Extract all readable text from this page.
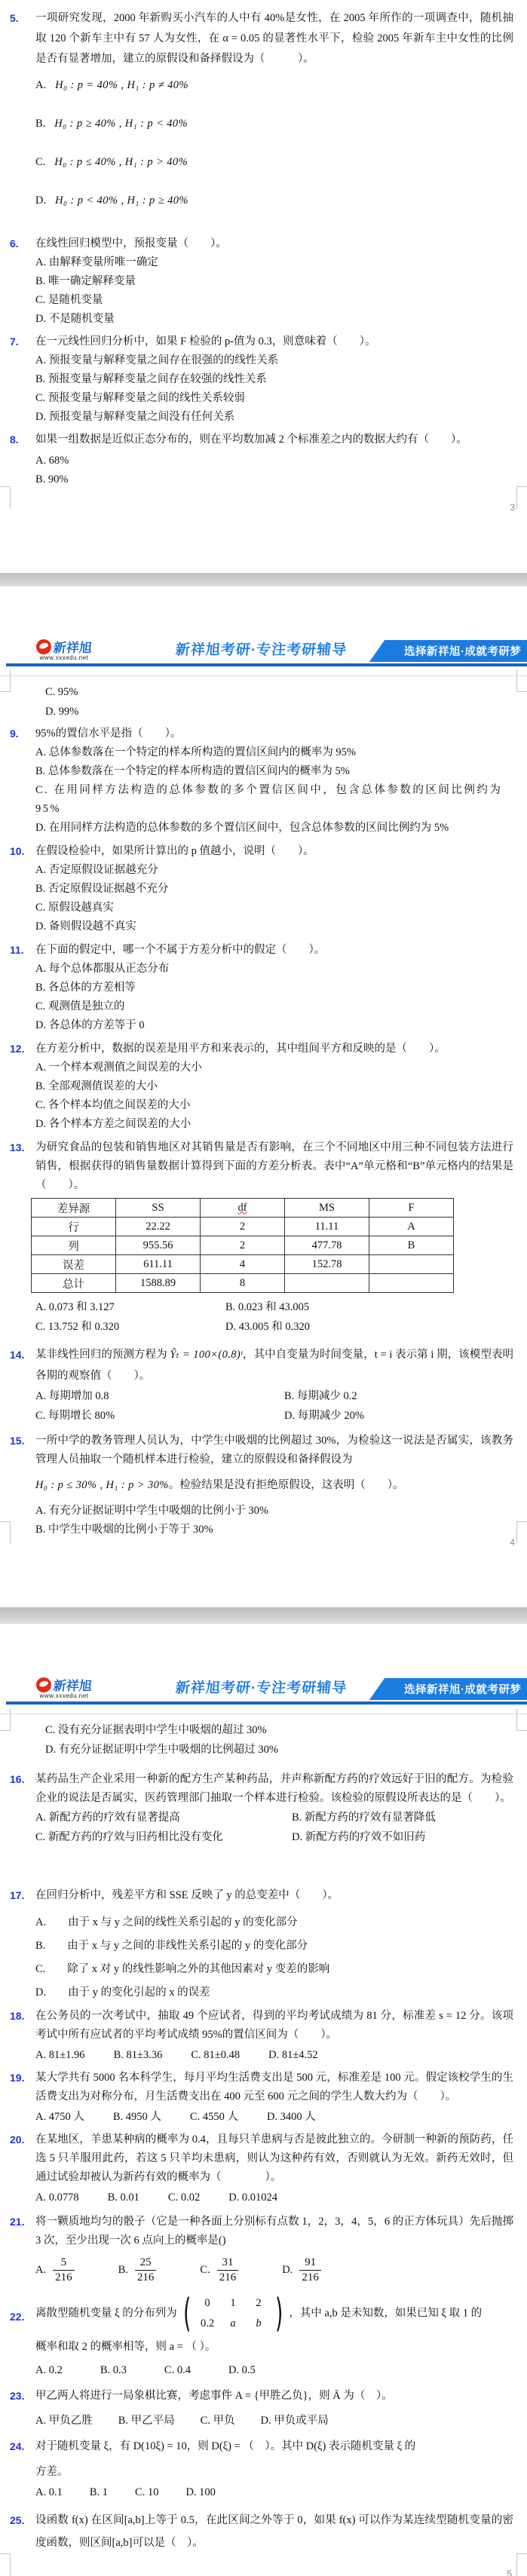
5.	一项研究发现，2000 年新购买小汽车的人中有 40%是女性，在 2005 年所作的一项调查中，随机抽取 120 个新车主中有 57 人为女性，在 α = 0.05 的显著性水平下，检验 2005 年新车主中女性的比例是否有显著增加，建立的原假设和备择假设为（　　　）。
A. H₀ : p = 40% , H₁ : p ≠ 40%
B. H₀ : p ≥ 40% , H₁ : p < 40%
C. H₀ : p ≤ 40% , H₁ : p > 40%
D. H₀ : p < 40% , H₁ : p ≥ 40%
6.	在线性回归模型中，预报变量（　　）。
A. 由解释变量所唯一确定
B. 唯一确定解释变量
C. 是随机变量
D. 不是随机变量
7.	在一元线性回归分析中，如果 F 检验的 p-值为 0.3，则意味着（　　）。
A. 预报变量与解释变量之间存在很强的的线性关系
B. 预报变量与解释变量之间存在较强的线性关系
C. 预报变量与解释变量之间的线性关系较弱
D. 预报变量与解释变量之间没有任何关系
8.	如果一组数据是近似正态分布的，则在平均数加减 2 个标准差之内的数据大约有（　　）。
A. 68%
B. 90%
3
新祥旭
www.xxxedu.net	新祥旭考研·专注考研辅导	选择新祥旭·成就考研梦
C. 95%
D. 99%
9.	95%的置信水平是指（　　）。
A. 总体参数落在一个特定的样本所构造的置信区间内的概率为 95%
B. 总体参数落在一个特定的样本所构造的置信区间内的概率为 5%
C. 在用同样方法构造的总体参数的多个置信区间中，包含总体参数的区间比例约为 95%
D. 在用同样方法构造的总体参数的多个置信区间中，包含总体参数的区间比例约为 5%
10.	在假设检验中，如果所计算出的 p 值越小，说明（　　）。
A. 否定原假设证据越充分
B. 否定原假设证据越不充分
C. 原假设越真实
D. 备则假设越不真实
11.	在下面的假定中，哪一个不属于方差分析中的假定（　　）。
A. 每个总体都服从正态分布
B. 各总体的方差相等
C. 观测值是独立的
D. 各总体的方差等于 0
12.	在方差分析中，数据的误差是用平方和来表示的，其中组间平方和反映的是（　　）。
A. 一个样本观测值之间误差的大小
B. 全部观测值误差的大小
C. 各个样本均值之间误差的大小
D. 各个样本方差之间误差的大小
13.	为研究食品的包装和销售地区对其销售量是否有影响，在三个不同地区中用三种不同包装方法进行销售，根据获得的销售量数据计算得到下面的方差分析表。表中“A”单元格和“B”单元格内的结果是（　　）。
差异源	SS	df	MS	F
行	22.22	2	11.11	A
列	955.56	2	477.78	B
误差	611.11	4	152.78	
总计	1588.89	8		
A. 0.073 和 3.127	B. 0.023 和 43.005
C. 13.752 和 0.320	D. 43.005 和 0.320
14.	某非线性回归的预测方程为 Ŷₜ = 100×(0.8)ᵗ，其中自变量为时间变量，t = i 表示第 i 期，该模型表明各期的观察值（　　）。
A. 每期增加 0.8	B. 每期减少 0.2
C. 每期增长 80%	D. 每期减少 20%
15.	一所中学的教务管理人员认为，中学生中吸烟的比例超过 30%，为检验这一说法是否属实，该教务管理人员抽取一个随机样本进行检验，建立的原假设和备择假设为
H₀ : p ≤ 30% , H₁ : p > 30%。检验结果是没有拒绝原假设，这表明（　　）。
A. 有充分证据证明中学生中吸烟的比例小于 30%
B. 中学生中吸烟的比例小于等于 30%
4
新祥旭
www.xxxedu.net	新祥旭考研·专注考研辅导	选择新祥旭·成就考研梦
C. 没有充分证据表明中学生中吸烟的超过 30%
D. 有充分证据证明中学生中吸烟的比例超过 30%
16.	某药品生产企业采用一种新的配方生产某种药品，并声称新配方药的疗效远好于旧的配方。为检验企业的说法是否属实，医药管理部门抽取一个样本进行检验。该检验的原假设所表达的是（　　）。
A. 新配方药的疗效有显著提高	B. 新配方药的疗效有显著降低
C. 新配方药的疗效与旧药相比没有变化	D. 新配方药的疗效不如旧药
17.	在回归分析中，残差平方和 SSE 反映了 y 的总变差中（　　）。
A.　　由于 x 与 y 之间的线性关系引起的 y 的变化部分
B.　　由于 x 与 y 之间的非线性关系引起的 y 的变化部分
C.　　除了 x 对 y 的线性影响之外的其他因素对 y 变差的影响
D.　　由于 y 的变化引起的 x 的误差
18.	在公务员的一次考试中，抽取 49 个应试者，得到的平均考试成绩为 81 分，标准差 s = 12 分。该项考试中所有应试者的平均考试成绩 95%的置信区间为（　　）。
A. 81±1.96	B. 81±3.36	C. 81±0.48	D. 81±4.52
19.	某大学共有 5000 名本科学生，每月平均生活费支出是 500 元，标准差是 100 元。假定该校学生的生活费支出为对称分布，月生活费支出在 400 元至 600 元之间的学生人数大约为（　　）。
A. 4750 人	B. 4950 人	C. 4550 人	D. 3400 人
20.	在某地区，羊患某种病的概率为 0.4，且每只羊患病与否是彼此独立的。今研制一种新的预防药，任选 5 只羊服用此药，若这 5 只羊均未患病，则认为这种药有效，否则就认为无效。新药无效时，但通过试验却被认为新药有效的概率为（　　　　）。
A. 0.0778	B. 0.01	C. 0.02	D. 0.01024
21.	将一颗质地均匀的骰子（它是一种各面上分别标有点数 1，2，3，4，5，6 的正方体玩具）先后抛掷 3 次，至少出现一次 6 点向上的概率是()
A. $\frac{5}{216}$	B. $\frac{25}{216}$	C. $\frac{31}{216}$	D. $\frac{91}{216}$
22.	离散型随机变量 ξ 的分布列为 (	0	1	2
0.2	a	b ) ，其中 a,b 是未知数，如果已知 ξ 取 1 的
概率和取 2 的概率相等，则 a = （ ）。
A. 0.2	B. 0.3	C. 0.4	D. 0.5
23.	甲乙两人将进行一局象棋比赛，考虑事件 A = {甲胜乙负}，则 Ā 为（　）。
A. 甲负乙胜 B. 甲乙平局 C. 甲负 D. 甲负或平局
24.	对于随机变量 ξ，有 D(10ξ) = 10，则 D(ξ) = （　）。其中 D(ξ) 表示随机变量 ξ 的
方差。
A. 0.1 B. 1 C. 10 D. 100
25.	设函数 f(x) 在区间[a,b]上等于 0.5，在此区间之外等于 0，如果 f(x) 可以作为某连续型随机变量的密度函数，则区间[a,b]可以是（　）。
5
